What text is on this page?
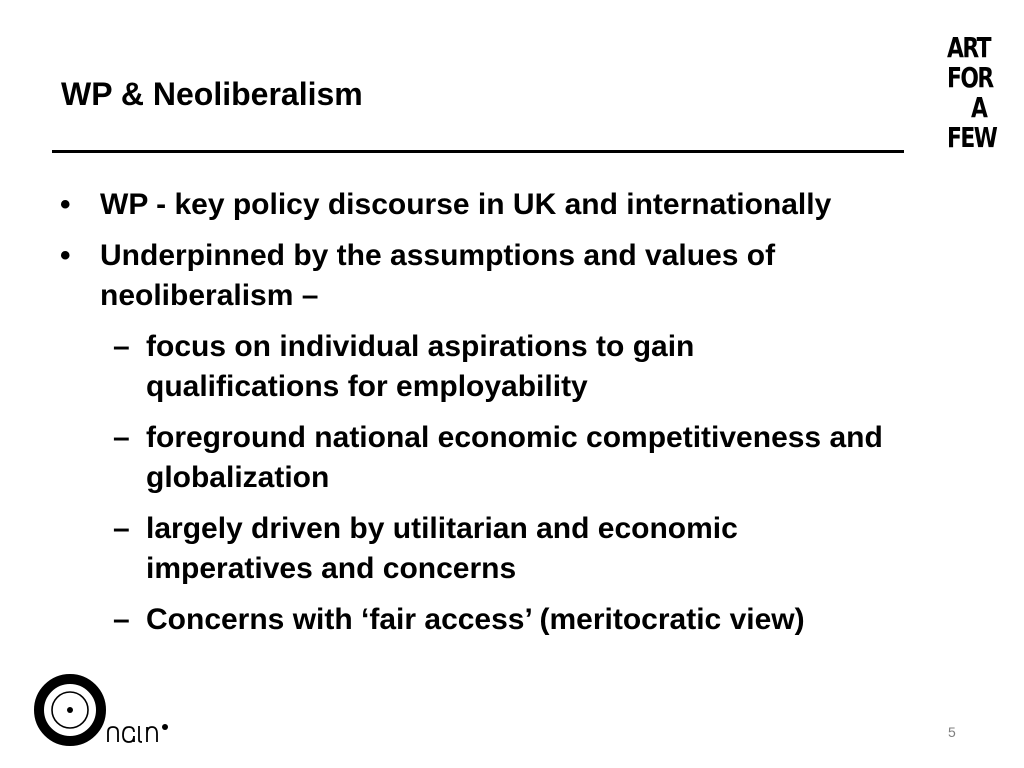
WP & Neoliberalism
ART
FOR
A
FEW
• WP - key policy discourse in UK and internationally
• Underpinned by the assumptions and values of neoliberalism –
– focus on individual aspirations to gain qualifications for employability
– foreground national economic competitiveness and globalization
– largely driven by utilitarian and economic imperatives and concerns
– Concerns with ‘fair access’ (meritocratic view)
5
